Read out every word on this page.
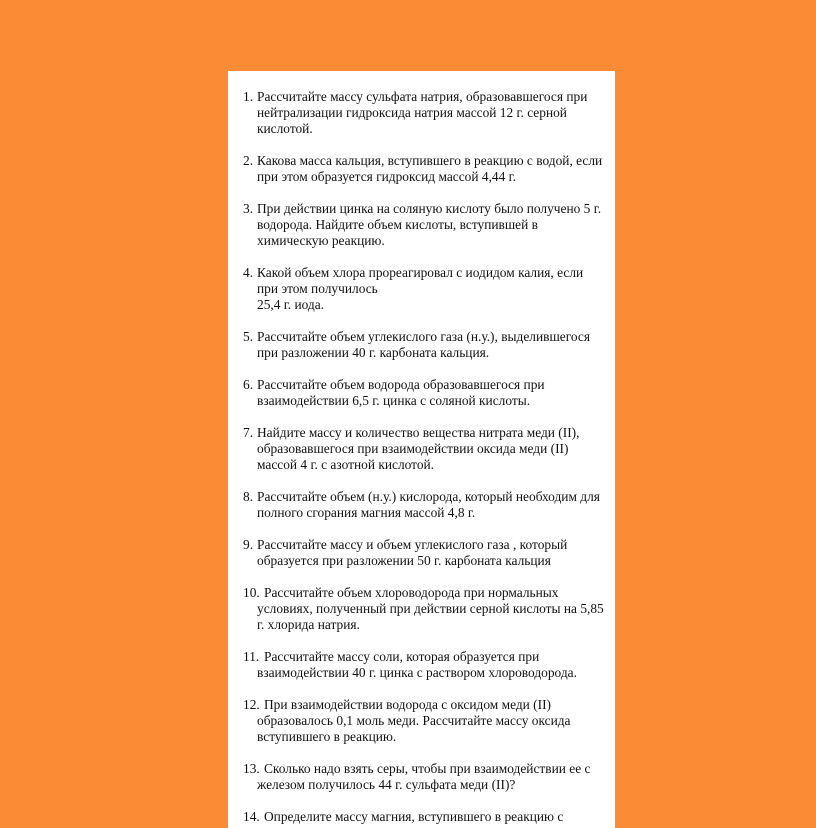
1. Рассчитайте массу сульфата натрия, образовавшегося при
нейтрализации гидроксида натрия массой 12 г. серной
кислотой.
2. Какова масса кальция, вступившего в реакцию с водой, если
при этом образуется гидроксид массой 4,44 г.
3. При действии цинка на соляную кислоту было получено 5 г.
водорода. Найдите объем кислоты, вступившей в
химическую реакцию.
4. Какой объем хлора прореагировал с иодидом калия, если
при этом получилось
25,4 г. иода.
5. Рассчитайте объем углекислого газа (н.у.), выделившегося
при разложении 40 г. карбоната кальция.
6. Рассчитайте объем водорода образовавшегося при
взаимодействии 6,5 г. цинка с соляной кислоты.
7. Найдите массу и количество вещества нитрата меди (II),
образовавшегося при взаимодействии оксида меди (II)
массой 4 г. с азотной кислотой.
8. Рассчитайте объем (н.у.) кислорода, который необходим для
полного сгорания магния массой 4,8 г.
9. Рассчитайте массу и объем углекислого газа , который
образуется при разложении 50 г. карбоната кальция
10. Рассчитайте объем хлороводорода при нормальных
условиях, полученный при действии серной кислоты на 5,85
г. хлорида натрия.
11. Рассчитайте массу соли, которая образуется при
взаимодействии 40 г. цинка с раствором хлороводорода.
12. При взаимодействии водорода с оксидом меди (II)
образовалось 0,1 моль меди. Рассчитайте массу оксида
вступившего в реакцию.
13. Сколько надо взять серы, чтобы при взаимодействии ее с
железом получилось 44 г. сульфата меди (II)?
14. Определите массу магния, вступившего в реакцию с
